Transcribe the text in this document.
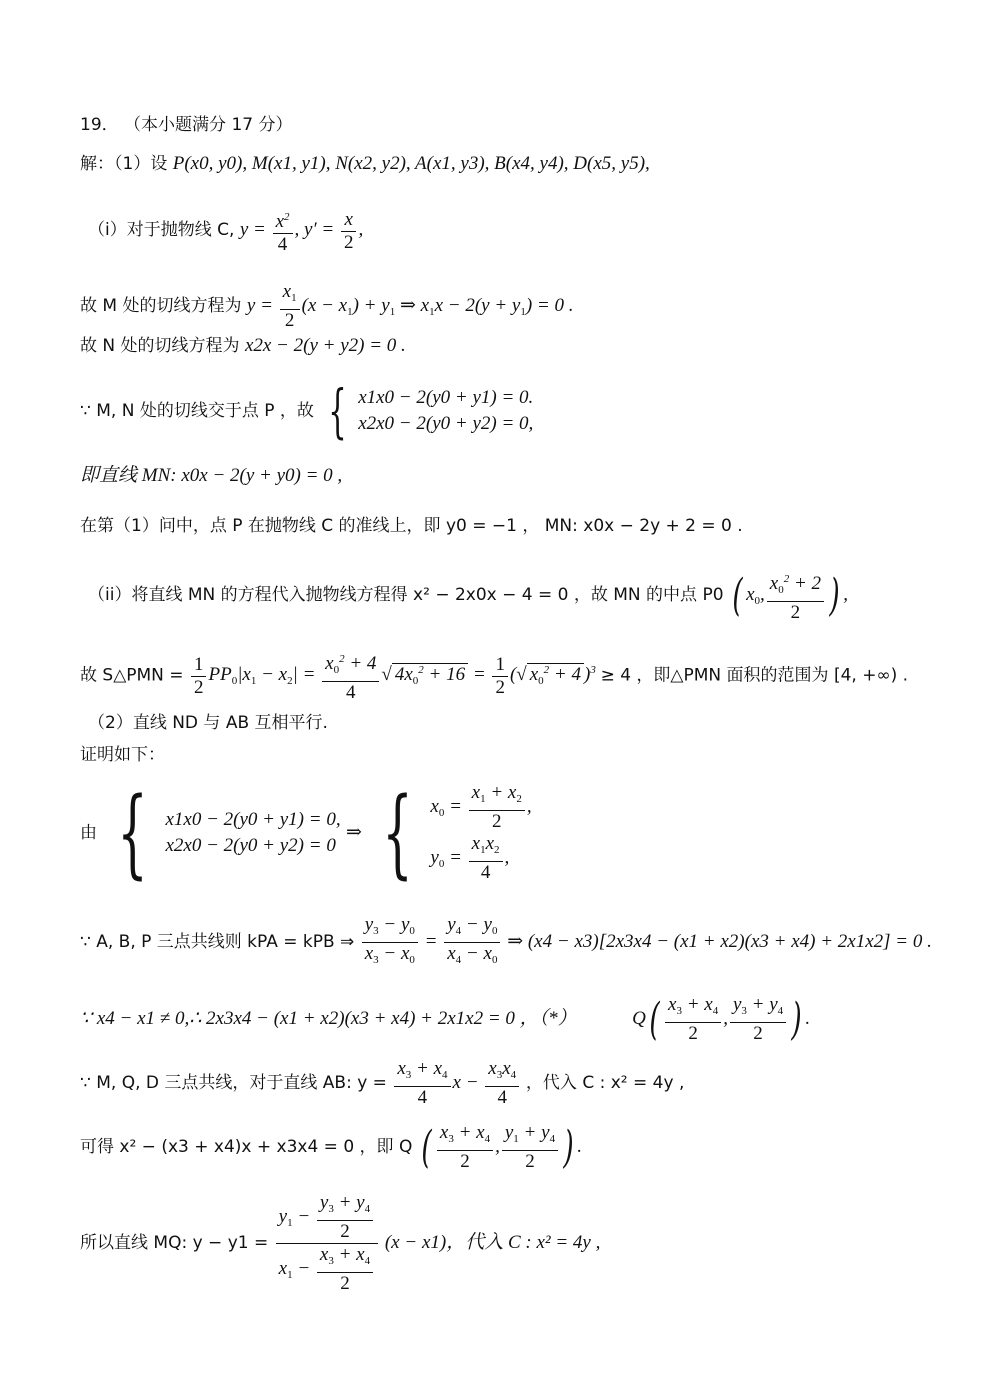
19． （本小题满分 17 分）
解：（1）设 P(x0, y0), M(x1, y1), N(x2, y2), A(x1, y3), B(x4, y4), D(x5, y5),
（i）对于抛物线 C, $y = \frac{x^2}{4}$ , $y' = \frac{x}{2}$ ,
故 M 处的切线方程为 $y = \frac{x_1}{2} (x - x_1) + y_1$ ⇒ $x_1x - 2(y + y_1) = 0$ .
故 N 处的切线方程为 x2x − 2(y + y2) = 0 .
∵ M, N 处的切线交于点 P ，故 { x1x0 − 2(y0 + y1) = 0.
x2x0 − 2(y0 + y2) = 0,
即直线 MN: x0x − 2(y + y0) = 0 ,
在第（1）问中，点 P 在抛物线 C 的准线上，即 y0 = −1 ， MN: x0x − 2y + 2 = 0 .
（ii）将直线 MN 的方程代入抛物线方程得 x² − 2x0x − 4 = 0 ，故 MN 的中点 P0 ( $x_0$, $\frac{x_0^2 + 2}{2}$ ) ,
故 S△PMN = $\frac{1}{2} PP_0|x_1 - x_2| = \frac{x_0^2 + 4}{4}$ √ $4x_0^2 + 16 = \frac{1}{2}$ (√ $x_0^2 + 4$ )$^3$ ≥ 4 ，即△PMN 面积的范围为 [4, +∞) .
（2）直线 ND 与 AB 互相平行.
证明如下：
由 { x1x0 − 2(y0 + y1) = 0,
x2x0 − 2(y0 + y2) = 0
⇒ { $x_0 = \frac{x_1 + x_2}{2}$ ,
$y_0 = \frac{x_1x_2}{4}$ ,
∵ A, B, P 三点共线则 kPA = kPB ⇒ $\frac{y_3 - y_0}{x_3 - x_0} = \frac{y_4 - y_0}{x_4 - x_0}$ ⇒ (x4 − x3)[2x3x4 − (x1 + x2)(x3 + x4) + 2x1x2] = 0 .
∵ x4 − x1 ≠ 0,∴ 2x3x4 − (x1 + x2)(x3 + x4) + 2x1x2 = 0 ，（*）	$Q( \frac{x_3 + x_4}{2}$ , $\frac{y_3 + y_4}{2}$ ) .
∵ M, Q, D 三点共线，对于直线 AB: $y = \frac{x_3 + x_4}{4}$ $x - \frac{x_3x_4}{4}$ ，代入 C : x² = 4y ,
可得 x² − (x3 + x4)x + x3x4 = 0 ，即 Q ( $\frac{x_3 + x_4}{2}$ , $\frac{y_1 + y_4}{2}$ ) .
所以直线 MQ: $y - y1 = \frac{y_1 - \frac{y_3 + y_4}{2}}{x_1 - \frac{x_3 + x_4}{2}} (x - x1)$，代入 C : x² = 4y ,
